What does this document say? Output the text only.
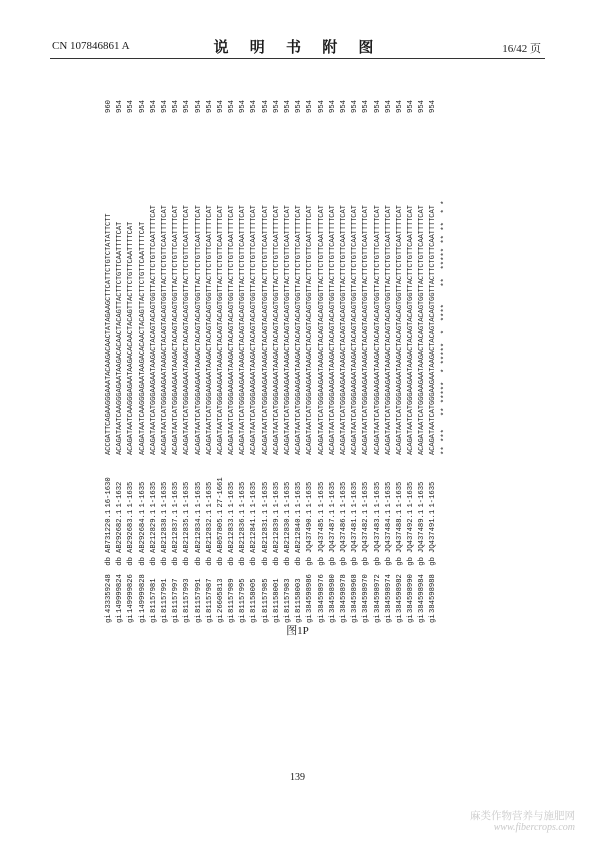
CN 107846861 A	说 明 书 附 图	16/42 页
gi
433359248
db
AB731220.1
16-1630
ACCGATTCAGAAGGGAAATACAAGACAACTATAGAAGCTTCATTCTGTCTATATTCTT
960
gi
149999824
db
AB292682.1
1-1632
ACAGATAATCAAGGGAGAATAAGACACAACTACAGTTACTTCTGTTCAATTTTCAT
954
gi
149999826
db
AB292683.1
1-1635
ACAGATAATCAAGGGAGAATAAGACACAACTACAGTTACTTCTGTTCAATTTTCAT
954
gi
149999828
db
AB292684.1
1-1635
ACAGATAATCAAGGGAGAATAAGACACAACTACAGTTACTTCTGTTCAATTTTCAT
954
gi
81157981
db
AB212829.1
1-1635
ACAGATAATCATGGGAAGAATAAGACTACAGTACAGTGGTTACTTCTGTTCAATTTTCAT
954
gi
81157991
db
AB212838.1
1-1635
ACAGATAATCATGGGAAGAATAAGACTACAGTACAGTGGTTACTTCTGTTCAATTTTCAT
954
gi
81157997
db
AB212837.1
1-1635
ACAGATAATCATGGGAAGAATAAGACTACAGTACAGTGGTTACTTCTGTTCAATTTTCAT
954
gi
81157993
db
AB212835.1
1-1635
ACAGATAATCATGGGAAGAATAAGACTACAGTACAGTGGTTACTTCTGTTCAATTTTCAT
954
gi
81157991
db
AB212834.1
1-1635
ACAGATAATCATGGGAAGAATAAGACTACAGTACAGTGGTTACTTCTGTTCAATTTTCAT
954
gi
81157987
db
AB212832.1
1-1635
ACAGATAATCATGGGAAGAATAAGACTACAGTACAGTGGTTACTTCTGTTCAATTTTCAT
954
gi
26605813
db
AB057805.1
27-1661
ACAGATAATCATGGGAAGAATAAGACTACAGTACAGTGGTTACTTCTGTTCAATTTTCAT
954
gi
81157989
db
AB212833.1
1-1635
ACAGATAATCATGGGAAGAATAAGACTACAGTACAGTGGTTACTTCTGTTCAATTTTCAT
954
gi
81157995
db
AB212836.1
1-1635
ACAGATAATCATGGGAAGAATAAGACTACAGTACAGTGGTTACTTCTGTTCAATTTTCAT
954
gi
81158005
db
AB212841.1
1-1635
ACAGATAATCATGGGAAGAATAAGACTACAGTACAGTGGTTACTTCTGTTCAATTTTCAT
954
gi
81157985
db
AB212831.1
1-1635
ACAGATAATCATGGGAAGAATAAGACTACAGTACAGTGGTTACTTCTGTTCAATTTTCAT
954
gi
81158001
db
AB212839.1
1-1635
ACAGATAATCATGGGAAGAATAAGACTACAGTACAGTGGTTACTTCTGTTCAATTTTCAT
954
gi
81157983
db
AB212830.1
1-1635
ACAGATAATCATGGGAAGAATAAGACTACAGTACAGTGGTTACTTCTGTTCAATTTTCAT
954
gi
81158003
db
AB212840.1
1-1635
ACAGATAATCATGGGAAGAATAAGACTACAGTACAGTGGTTACTTCTGTTCAATTTTCAT
954
gi
384598986
gb
JQ437490.1
1-1635
ACAGATAATCATGGGAAGAATAAGACTACAGTACAGTGGTTACTTCTGTTCAATTTTCAT
954
gi
384598976
gb
JQ437485.1
1-1635
ACAGATAATCATGGGAAGAATAAGACTACAGTACAGTGGTTACTTCTGTTCAATTTTCAT
954
gi
384598980
gb
JQ437487.1
1-1635
ACAGATAATCATGGGAAGAATAAGACTACAGTACAGTGGTTACTTCTGTTCAATTTTCAT
954
gi
384598978
gb
JQ437486.1
1-1635
ACAGATAATCATGGGAAGAATAAGACTACAGTACAGTGGTTACTTCTGTTCAATTTTCAT
954
gi
384598968
gb
JQ437481.1
1-1635
ACAGATAATCATGGGAAGAATAAGACTACAGTACAGTGGTTACTTCTGTTCAATTTTCAT
954
gi
384598970
gb
JQ437482.1
1-1635
ACAGATAATCATGGGAAGAATAAGACTACAGTACAGTGGTTACTTCTGTTCAATTTTCAT
954
gi
384598972
gb
JQ437483.1
1-1635
ACAGATAATCATGGGAAGAATAAGACTACAGTACAGTGGTTACTTCTGTTCAATTTTCAT
954
gi
384598974
gb
JQ437484.1
1-1635
ACAGATAATCATGGGAAGAATAAGACTACAGTACAGTGGTTACTTCTGTTCAATTTTCAT
954
gi
384598982
gb
JQ437488.1
1-1635
ACAGATAATCATGGGAAGAATAAGACTACAGTACAGTGGTTACTTCTGTTCAATTTTCAT
954
gi
384598990
gb
JQ437492.1
1-1635
ACAGATAATCATGGGAAGAATAAGACTACAGTACAGTGGTTACTTCTGTTCAATTTTCAT
954
gi
384598984
gb
JQ437489.1
1-1635
ACAGATAATCATGGGAAGAATAAGACTACAGTACAGTGGTTACTTCTGTTCAATTTTCAT
954
gi
384598988
gb
JQ437491.1
1-1635
ACAGATAATCATGGGAAGAATAAGACTACAGTACAGTGGTTACTTCTGTTCAATTTTCAT
954
** ***   ** *****  * *****  *  ****    **  ***** ** **  * *
图1P
139
麻类作物营养与施肥网
www.fibercrops.com
